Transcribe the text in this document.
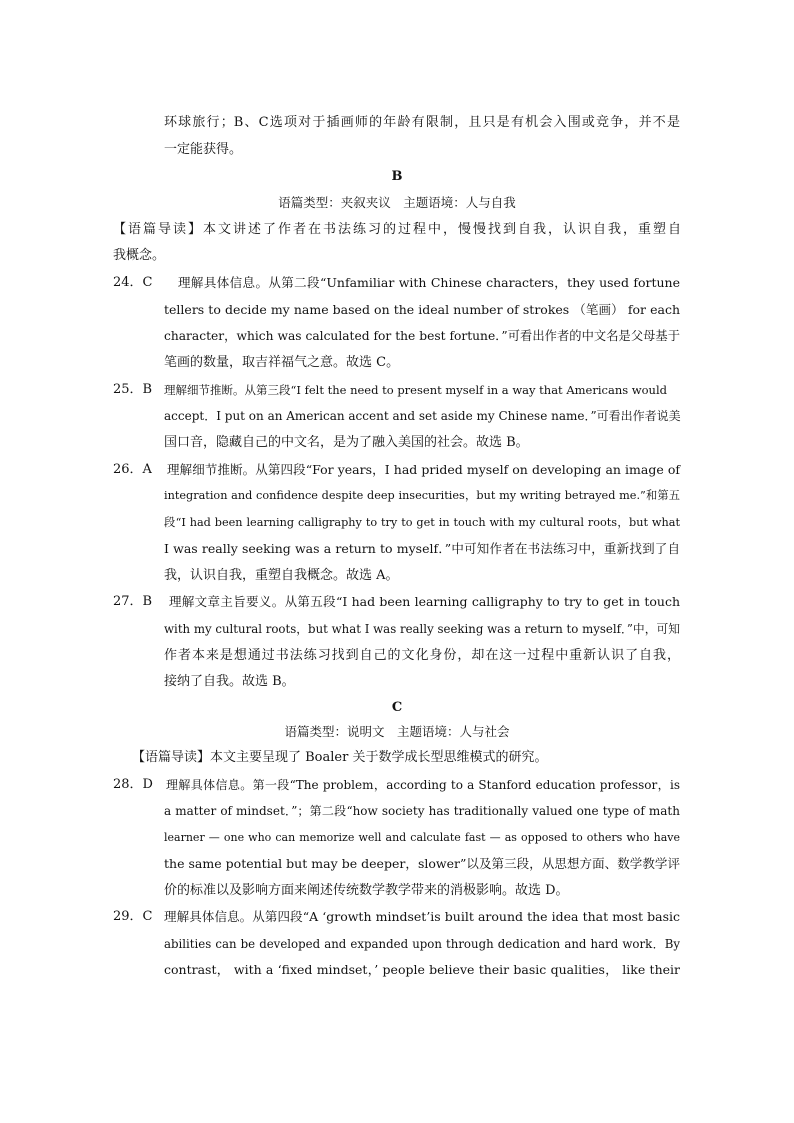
环球旅行；B、C选项对于插画师的年龄有限制，且只是有机会入围或竞争，并不是
一定能获得。
B
语篇类型：夹叙夹议　主题语境：人与自我
【语篇导读】本文讲述了作者在书法练习的过程中，慢慢找到自我，认识自我，重塑自
我概念。
24．C 理解具体信息。从第二段“Unfamiliar with Chinese characters，they used fortune
tellers to decide my name based on the ideal number of strokes （笔画） for each
character，which was calculated for the best fortune．”可看出作者的中文名是父母基于
笔画的数量，取吉祥福气之意。故选 C。
25．B 理解细节推断。从第三段“I felt the need to present myself in a way that Americans would
accept．I put on an American accent and set aside my Chinese name．”可看出作者说美
国口音，隐藏自己的中文名，是为了融入美国的社会。故选 B。
26．A 理解细节推断。从第四段“For years，I had prided myself on developing an image of
integration and confidence despite deep insecurities，but my writing betrayed me.”和第五
段“I had been learning calligraphy to try to get in touch with my cultural roots，but what
I was really seeking was a return to myself．”中可知作者在书法练习中，重新找到了自
我，认识自我，重塑自我概念。故选 A。
27．B 理解文章主旨要义。从第五段“I had been learning calligraphy to try to get in touch
with my cultural roots，but what I was really seeking was a return to myself．”中，可知
作者本来是想通过书法练习找到自己的文化身份，却在这一过程中重新认识了自我，
接纳了自我。故选 B。
C
语篇类型：说明文　主题语境：人与社会
【语篇导读】本文主要呈现了 Boaler 关于数学成长型思维模式的研究。
28．D 理解具体信息。第一段“The problem，according to a Stanford education professor，is
a matter of mindset．”；第二段“how society has traditionally valued one type of math
learner — one who can memorize well and calculate fast — as opposed to others who have
the same potential but may be deeper，slower”以及第三段，从思想方面、数学教学评
价的标准以及影响方面来阐述传统数学教学带来的消极影响。故选 D。
29．C 理解具体信息。从第四段“A ‘growth mindset’is built around the idea that most basic
abilities can be developed and expanded upon through dedication and hard work．By
contrast， with a ‘fixed mindset，’ people believe their basic qualities， like their
